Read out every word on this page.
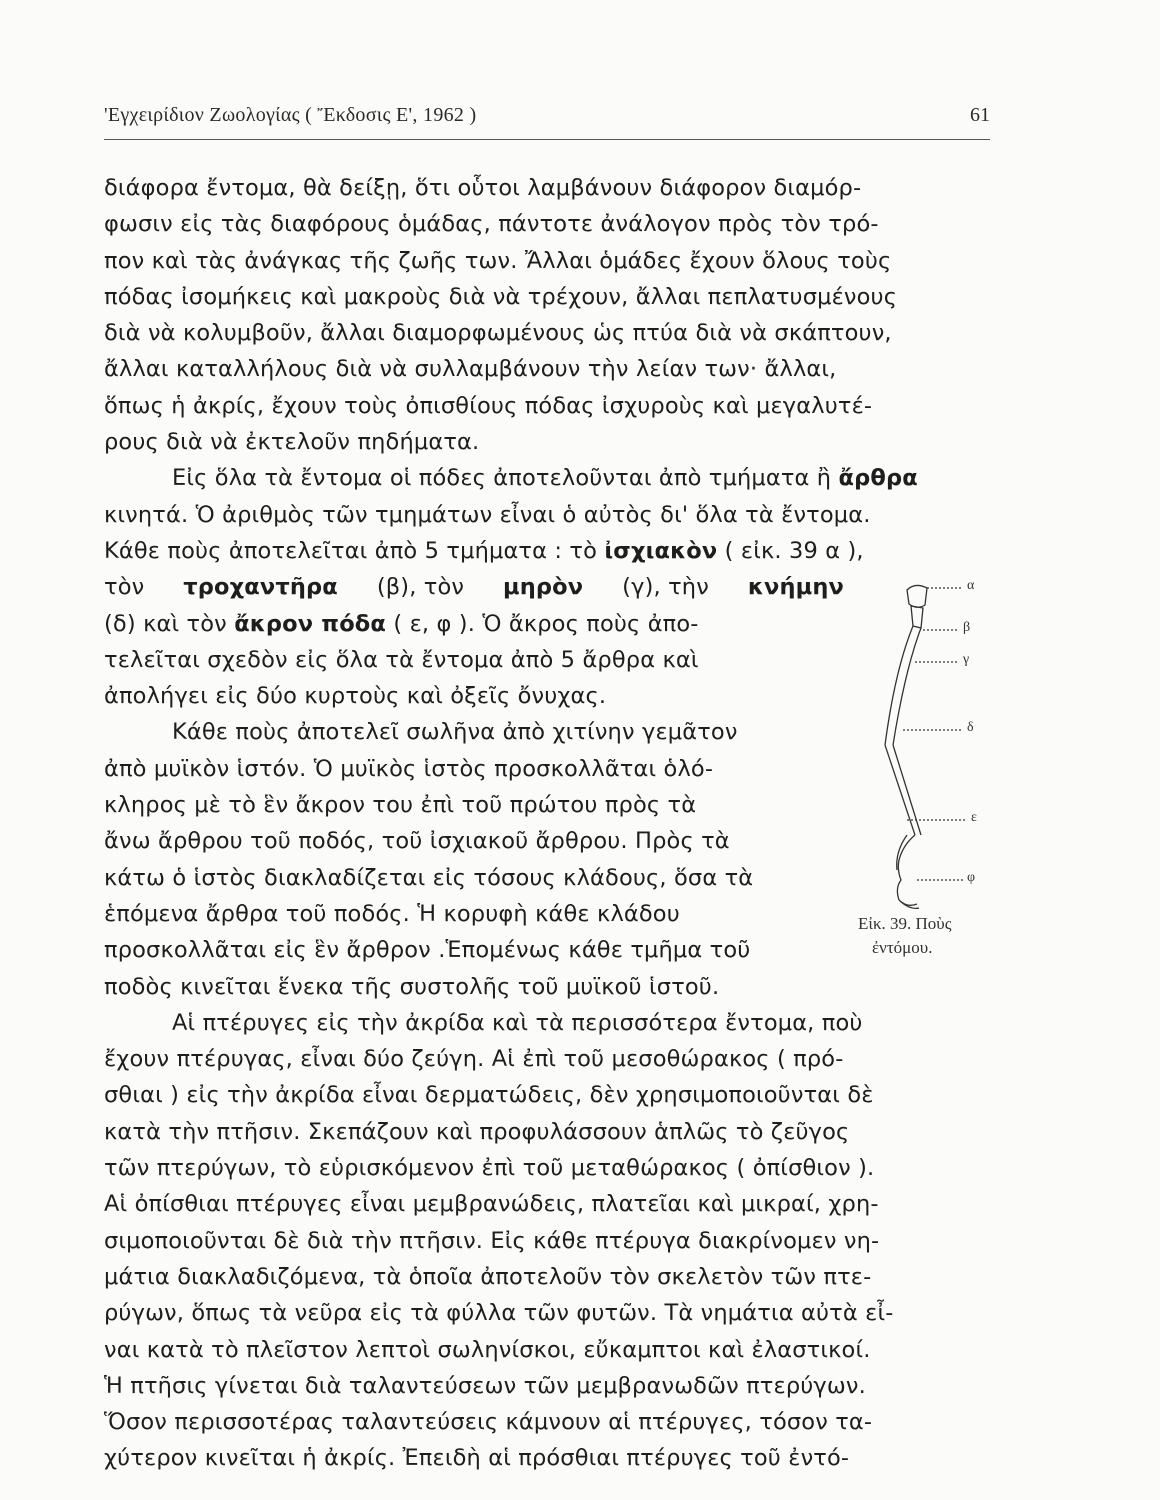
'Εγχειρίδιον Ζωολογίας ( Ἔκδοσις Ε', 1962 )	61
διάφορα ἔντομα, θὰ δείξῃ, ὅτι οὗτοι λαμβάνουν διάφορον διαμόρ-
φωσιν εἰς τὰς διαφόρους ὁμάδας, πάντοτε ἀνάλογον πρὸς τὸν τρό-
πον καὶ τὰς ἀνάγκας τῆς ζωῆς των. Ἄλλαι ὁμάδες ἔχουν ὅλους τοὺς
πόδας ἰσομήκεις καὶ μακροὺς διὰ νὰ τρέχουν, ἄλλαι πεπλατυσμένους
διὰ νὰ κολυμβοῦν, ἄλλαι διαμορφωμένους ὡς πτύα διὰ νὰ σκάπτουν,
ἄλλαι καταλλήλους διὰ νὰ συλλαμβάνουν τὴν λείαν των· ἄλλαι,
ὅπως ἡ ἀκρίς, ἔχουν τοὺς ὀπισθίους πόδας ἰσχυροὺς καὶ μεγαλυτέ-
ρους διὰ νὰ ἐκτελοῦν πηδήματα.
Εἰς ὅλα τὰ ἔντομα οἱ πόδες ἀποτελοῦνται ἀπὸ τμήματα ἢ ἄρθρα
κινητά. Ὁ ἀριθμὸς τῶν τμημάτων εἶναι ὁ αὐτὸς δι' ὅλα τὰ ἔντομα.
Κάθε ποὺς ἀποτελεῖται ἀπὸ 5 τμήματα : τὸ ἰσχιακὸν ( εἰκ. 39 α ),
τὸν τροχαντῆρα (β), τὸν μηρὸν (γ), τὴν κνήμην
(δ) καὶ τὸν ἄκρον πόδα ( ε, φ ). Ὁ ἄκρος ποὺς ἀπο-
τελεῖται σχεδὸν εἰς ὅλα τὰ ἔντομα ἀπὸ 5 ἄρθρα καὶ
ἀπολήγει εἰς δύο κυρτοὺς καὶ ὀξεῖς ὄνυχας.
Κάθε ποὺς ἀποτελεῖ σωλῆνα ἀπὸ χιτίνην γεμᾶτον
ἀπὸ μυϊκὸν ἱστόν. Ὁ μυϊκὸς ἱστὸς προσκολλᾶται ὁλό-
κληρος μὲ τὸ ἓν ἄκρον του ἐπὶ τοῦ πρώτου πρὸς τὰ
ἄνω ἄρθρου τοῦ ποδός, τοῦ ἰσχιακοῦ ἄρθρου. Πρὸς τὰ
κάτω ὁ ἱστὸς διακλαδίζεται εἰς τόσους κλάδους, ὅσα τὰ
ἑπόμενα ἄρθρα τοῦ ποδός. Ἡ κορυφὴ κάθε κλάδου
προσκολλᾶται εἰς ἓν ἄρθρον .Ἑπομένως κάθε τμῆμα τοῦ
ποδὸς κινεῖται ἕνεκα τῆς συστολῆς τοῦ μυϊκοῦ ἱστοῦ.
Αἱ πτέρυγες εἰς τὴν ἀκρίδα καὶ τὰ περισσότερα ἔντομα, ποὺ
ἔχουν πτέρυγας, εἶναι δύο ζεύγη. Αἱ ἐπὶ τοῦ μεσοθώρακος ( πρό-
σθιαι ) εἰς τὴν ἀκρίδα εἶναι δερματώδεις, δὲν χρησιμοποιοῦνται δὲ
κατὰ τὴν πτῆσιν. Σκεπάζουν καὶ προφυλάσσουν ἁπλῶς τὸ ζεῦγος
τῶν πτερύγων, τὸ εὑρισκόμενον ἐπὶ τοῦ μεταθώρακος ( ὀπίσθιον ).
Αἱ ὀπίσθιαι πτέρυγες εἶναι μεμβρανώδεις, πλατεῖαι καὶ μικραί, χρη-
σιμοποιοῦνται δὲ διὰ τὴν πτῆσιν. Εἰς κάθε πτέρυγα διακρίνομεν νη-
μάτια διακλαδιζόμενα, τὰ ὁποῖα ἀποτελοῦν τὸν σκελετὸν τῶν πτε-
ρύγων, ὅπως τὰ νεῦρα εἰς τὰ φύλλα τῶν φυτῶν. Τὰ νημάτια αὐτὰ εἶ-
ναι κατὰ τὸ πλεῖστον λεπτοὶ σωληνίσκοι, εὔκαμπτοι καὶ ἐλαστικοί.
Ἡ πτῆσις γίνεται διὰ ταλαντεύσεων τῶν μεμβρανωδῶν πτερύγων.
Ὅσον περισσοτέρας ταλαντεύσεις κάμνουν αἱ πτέρυγες, τόσον τα-
χύτερον κινεῖται ἡ ἀκρίς. Ἐπειδὴ αἱ πρόσθιαι πτέρυγες τοῦ ἐντό-
α
β
γ
δ
ε
φ
Εἰκ. 39. Ποὺς
ἐντόμου.
